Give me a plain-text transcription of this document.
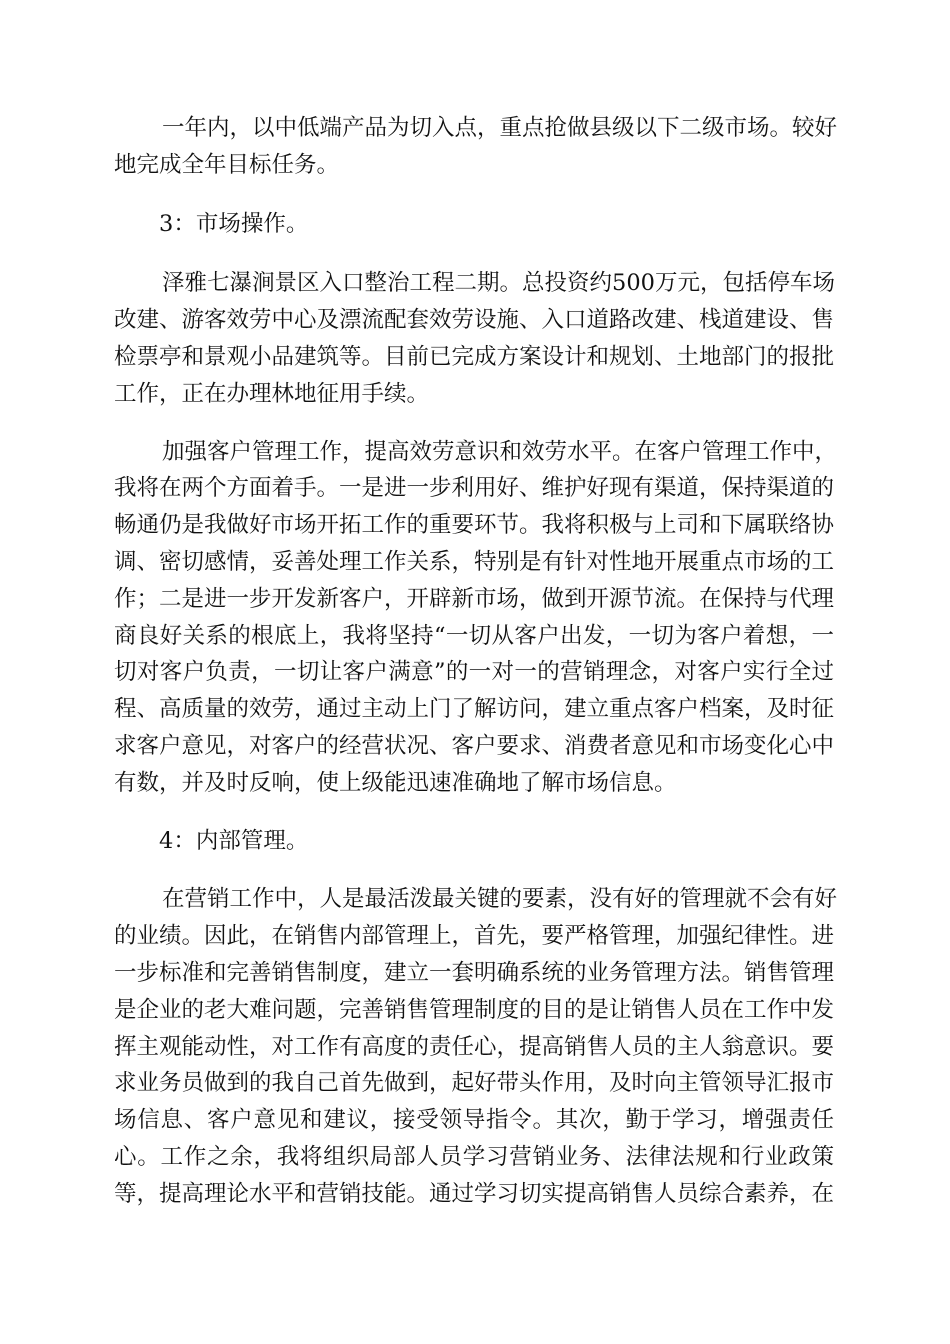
一年内，以中低端产品为切入点，重点抢做县级以下二级市场。较好
地完成全年目标任务。
3：市场操作。
泽雅七瀑涧景区入口整治工程二期。总投资约500万元，包括停车场
改建、游客效劳中心及漂流配套效劳设施、入口道路改建、栈道建设、售
检票亭和景观小品建筑等。目前已完成方案设计和规划、土地部门的报批
工作，正在办理林地征用手续。
加强客户管理工作，提高效劳意识和效劳水平。在客户管理工作中，
我将在两个方面着手。一是进一步利用好、维护好现有渠道，保持渠道的
畅通仍是我做好市场开拓工作的重要环节。我将积极与上司和下属联络协
调、密切感情，妥善处理工作关系，特别是有针对性地开展重点市场的工
作；二是进一步开发新客户，开辟新市场，做到开源节流。在保持与代理
商良好关系的根底上，我将坚持“一切从客户出发，一切为客户着想，一
切对客户负责，一切让客户满意”的一对一的营销理念，对客户实行全过
程、高质量的效劳，通过主动上门了解访问，建立重点客户档案，及时征
求客户意见，对客户的经营状况、客户要求、消费者意见和市场变化心中
有数，并及时反响，使上级能迅速准确地了解市场信息。
4：内部管理。
在营销工作中，人是最活泼最关键的要素，没有好的管理就不会有好
的业绩。因此，在销售内部管理上，首先，要严格管理，加强纪律性。进
一步标准和完善销售制度，建立一套明确系统的业务管理方法。销售管理
是企业的老大难问题，完善销售管理制度的目的是让销售人员在工作中发
挥主观能动性，对工作有高度的责任心，提高销售人员的主人翁意识。要
求业务员做到的我自己首先做到，起好带头作用，及时向主管领导汇报市
场信息、客户意见和建议，接受领导指令。其次，勤于学习，增强责任
心。工作之余，我将组织局部人员学习营销业务、法律法规和行业政策
等，提高理论水平和营销技能。通过学习切实提高销售人员综合素养，在
